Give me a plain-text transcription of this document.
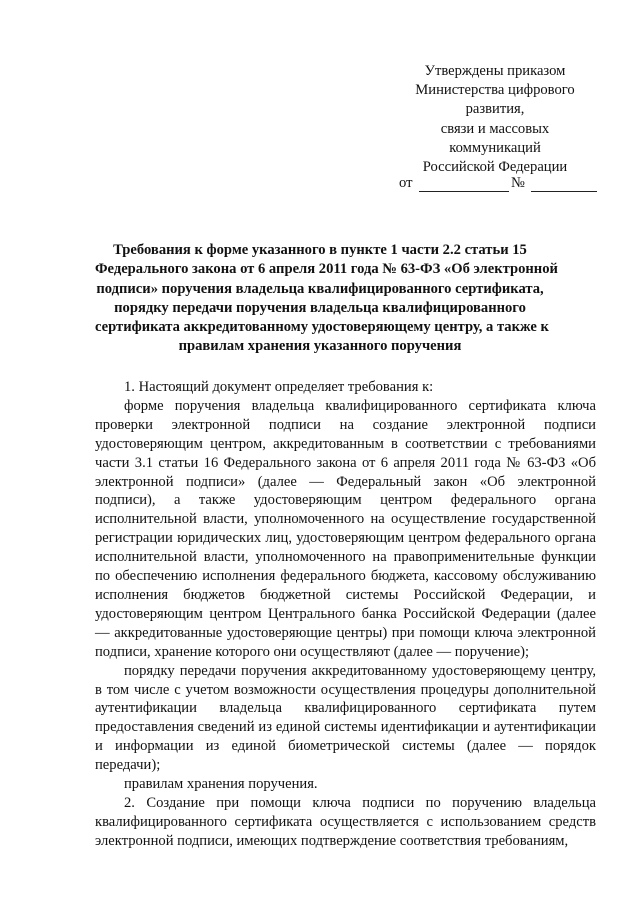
Утверждены приказом
Министерства цифрового
развития,
связи и массовых
коммуникаций
Российской Федерации
от	№
Требования к форме указанного в пункте 1 части 2.2 статьи 15
Федерального закона от 6 апреля 2011 года № 63-ФЗ «Об электронной
подписи» поручения владельца квалифицированного сертификата,
порядку передачи поручения владельца квалифицированного
сертификата аккредитованному удостоверяющему центру, а также к
правилам хранения указанного поручения

1. Настоящий документ определяет требования к:

форме поручения владельца квалифицированного сертификата ключа проверки электронной подписи на создание электронной подписи удостоверяющим центром, аккредитованным в соответствии с требованиями части 3.1 статьи 16 Федерального закона от 6 апреля 2011 года № 63-ФЗ «Об электронной подписи» (далее — Федеральный закон «Об электронной подписи), а также удостоверяющим центром федерального органа исполнительной власти, уполномоченного на осуществление государственной регистрации юридических лиц, удостоверяющим центром федерального органа исполнительной власти, уполномоченного на правоприменительные функции по обеспечению исполнения федерального бюджета, кассовому обслуживанию исполнения бюджетов бюджетной системы Российской Федерации, и удостоверяющим центром Центрального банка Российской Федерации (далее — аккредитованные удостоверяющие центры) при помощи ключа электронной подписи, хранение которого они осуществляют (далее — поручение);

порядку передачи поручения аккредитованному удостоверяющему центру, в том числе с учетом возможности осуществления процедуры дополнительной аутентификации владельца квалифицированного сертификата путем предоставления сведений из единой системы идентификации и аутентификации и информации из единой биометрической системы (далее — порядок передачи);

правилам хранения поручения.

2. Создание при помощи ключа подписи по поручению владельца квалифицированного сертификата осуществляется с использованием средств электронной подписи, имеющих подтверждение соответствия требованиям,
